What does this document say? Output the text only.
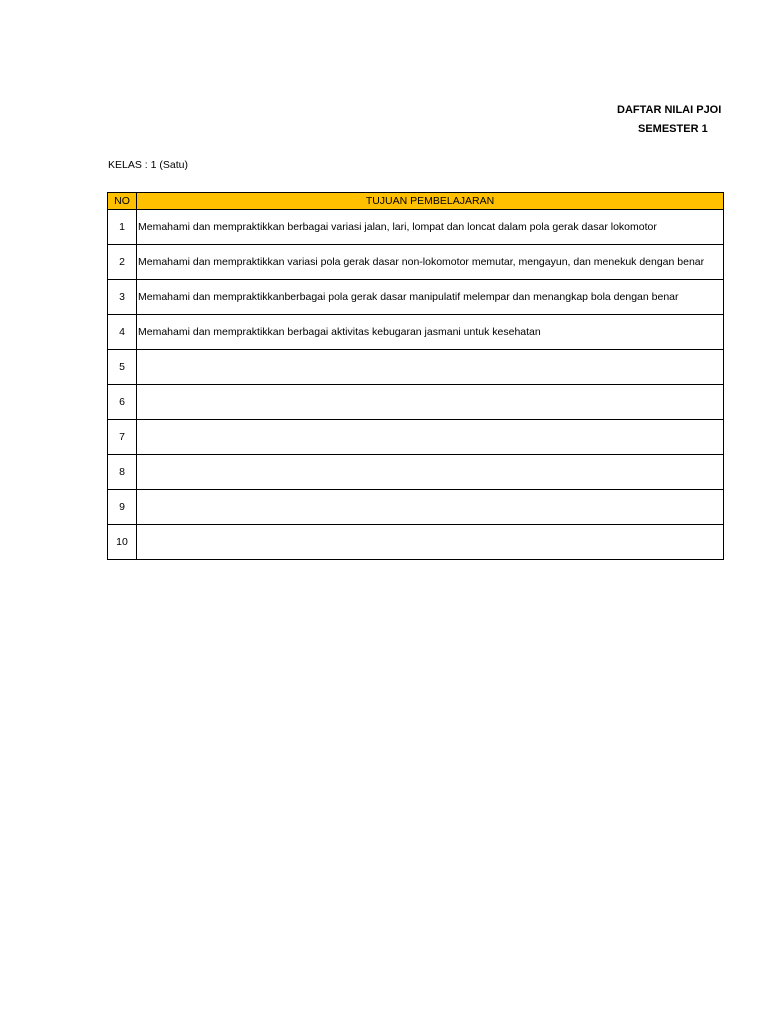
DAFTAR NILAI PJOI
SEMESTER 1
KELAS : 1 (Satu)
NO	TUJUAN PEMBELAJARAN
1	Memahami dan mempraktikkan berbagai variasi jalan, lari, lompat dan loncat dalam pola gerak dasar lokomotor
2	Memahami dan mempraktikkan variasi pola gerak dasar non-lokomotor memutar, mengayun, dan menekuk dengan benar
3	Memahami dan mempraktikkanberbagai pola gerak dasar manipulatif melempar dan menangkap bola dengan benar
4	Memahami dan mempraktikkan berbagai aktivitas kebugaran jasmani untuk kesehatan
5	
6	
7	
8	
9	
10	
